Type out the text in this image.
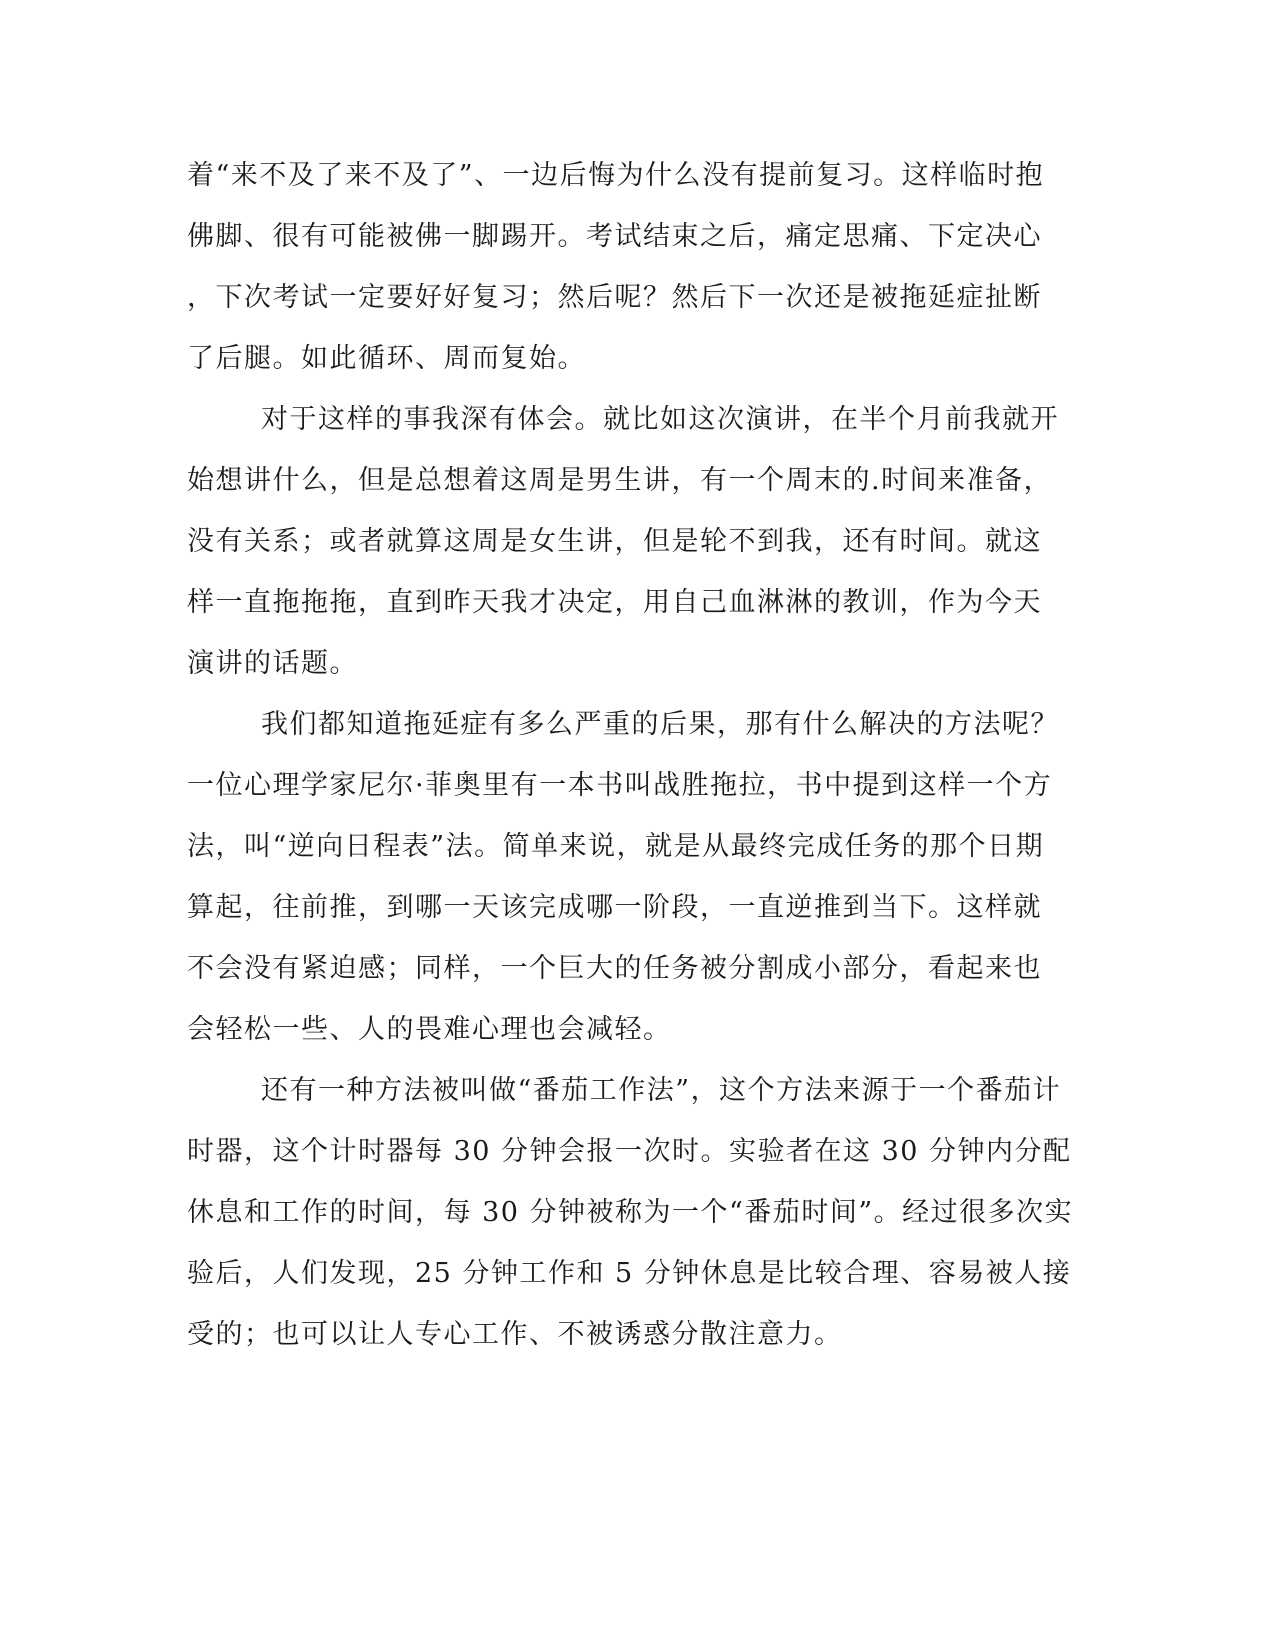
着“来不及了来不及了”、一边后悔为什么没有提前复习。这样临时抱
佛脚、很有可能被佛一脚踢开。考试结束之后，痛定思痛、下定决心
，下次考试一定要好好复习；然后呢？然后下一次还是被拖延症扯断
了后腿。如此循环、周而复始。
对于这样的事我深有体会。就比如这次演讲，在半个月前我就开
始想讲什么，但是总想着这周是男生讲，有一个周末的.时间来准备，
没有关系；或者就算这周是女生讲，但是轮不到我，还有时间。就这
样一直拖拖拖，直到昨天我才决定，用自己血淋淋的教训，作为今天
演讲的话题。
我们都知道拖延症有多么严重的后果，那有什么解决的方法呢？
一位心理学家尼尔·菲奥里有一本书叫战胜拖拉，书中提到这样一个方
法，叫“逆向日程表”法。简单来说，就是从最终完成任务的那个日期
算起，往前推，到哪一天该完成哪一阶段，一直逆推到当下。这样就
不会没有紧迫感；同样，一个巨大的任务被分割成小部分，看起来也
会轻松一些、人的畏难心理也会减轻。
还有一种方法被叫做“番茄工作法”，这个方法来源于一个番茄计
时器，这个计时器每 30 分钟会报一次时。实验者在这 30 分钟内分配
休息和工作的时间，每 30 分钟被称为一个“番茄时间”。经过很多次实
验后，人们发现，25 分钟工作和 5 分钟休息是比较合理、容易被人接
受的；也可以让人专心工作、不被诱惑分散注意力。
